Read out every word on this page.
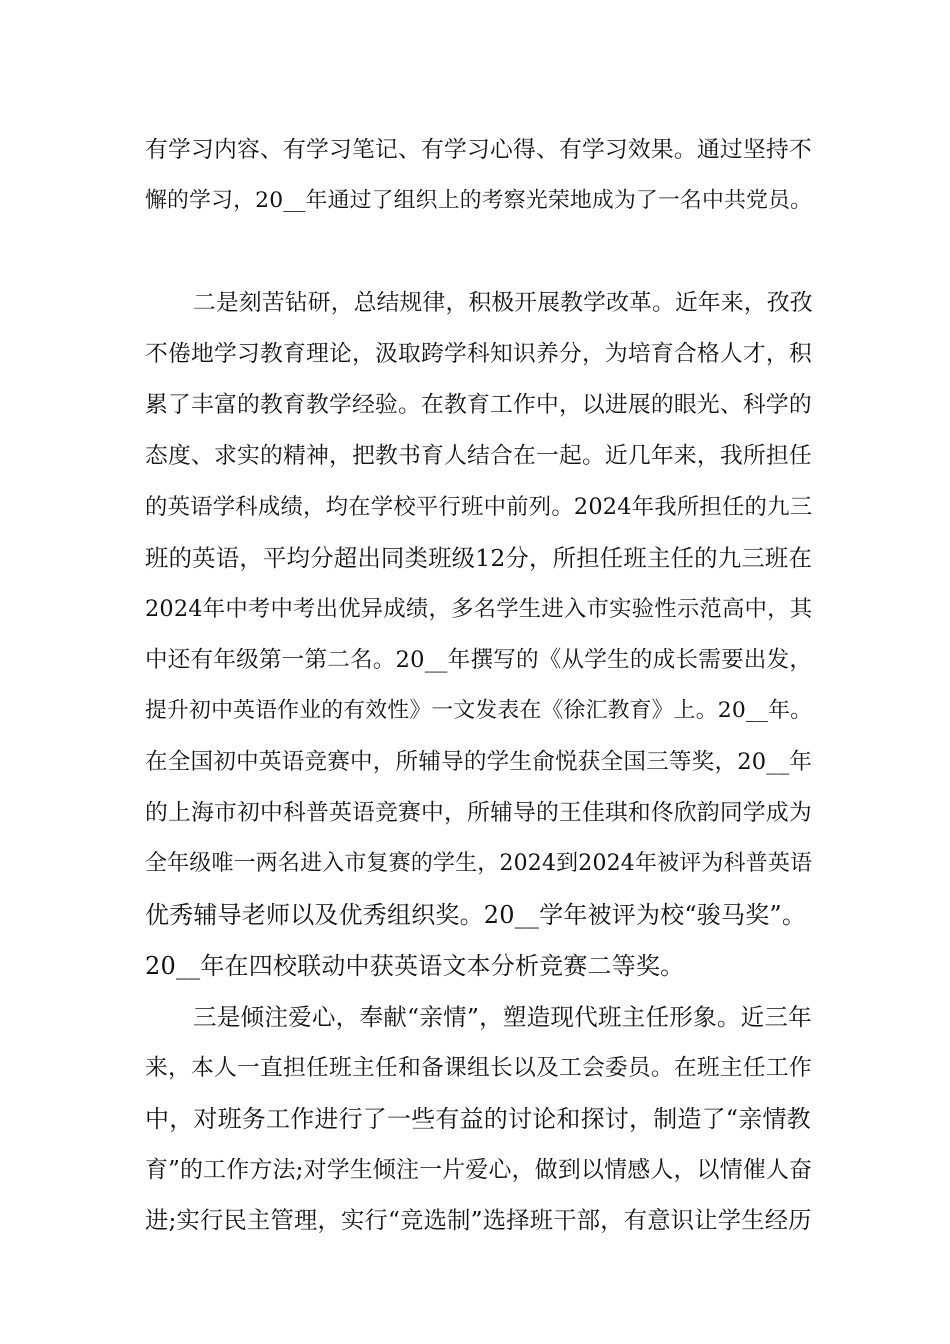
有学习内容、有学习笔记、有学习心得、有学习效果。通过坚持不

懈的学习，20__年通过了组织上的考察光荣地成为了一名中共党员。

二是刻苦钻研，总结规律，积极开展教学改革。近年来，孜孜

不倦地学习教育理论，汲取跨学科知识养分，为培育合格人才，积

累了丰富的教育教学经验。在教育工作中，以进展的眼光、科学的

态度、求实的精神，把教书育人结合在一起。近几年来，我所担任

的英语学科成绩，均在学校平行班中前列。2024年我所担任的九三

班的英语，平均分超出同类班级12分，所担任班主任的九三班在

2024年中考中考出优异成绩，多名学生进入市实验性示范高中，其

中还有年级第一第二名。20__年撰写的《从学生的成长需要出发，

提升初中英语作业的有效性》一文发表在《徐汇教育》上。20__年。

在全国初中英语竞赛中，所辅导的学生俞悦获全国三等奖，20__年

的上海市初中科普英语竞赛中，所辅导的王佳琪和佟欣韵同学成为

全年级唯一两名进入市复赛的学生，2024到2024年被评为科普英语

优秀辅导老师以及优秀组织奖。20__学年被评为校“骏马奖”。

20__年在四校联动中获英语文本分析竞赛二等奖。

三是倾注爱心，奉献“亲情”，塑造现代班主任形象。近三年

来，本人一直担任班主任和备课组长以及工会委员。在班主任工作

中，对班务工作进行了一些有益的讨论和探讨，制造了“亲情教

育”的工作方法;对学生倾注一片爱心，做到以情感人，以情催人奋

进;实行民主管理，实行“竞选制”选择班干部，有意识让学生经历
